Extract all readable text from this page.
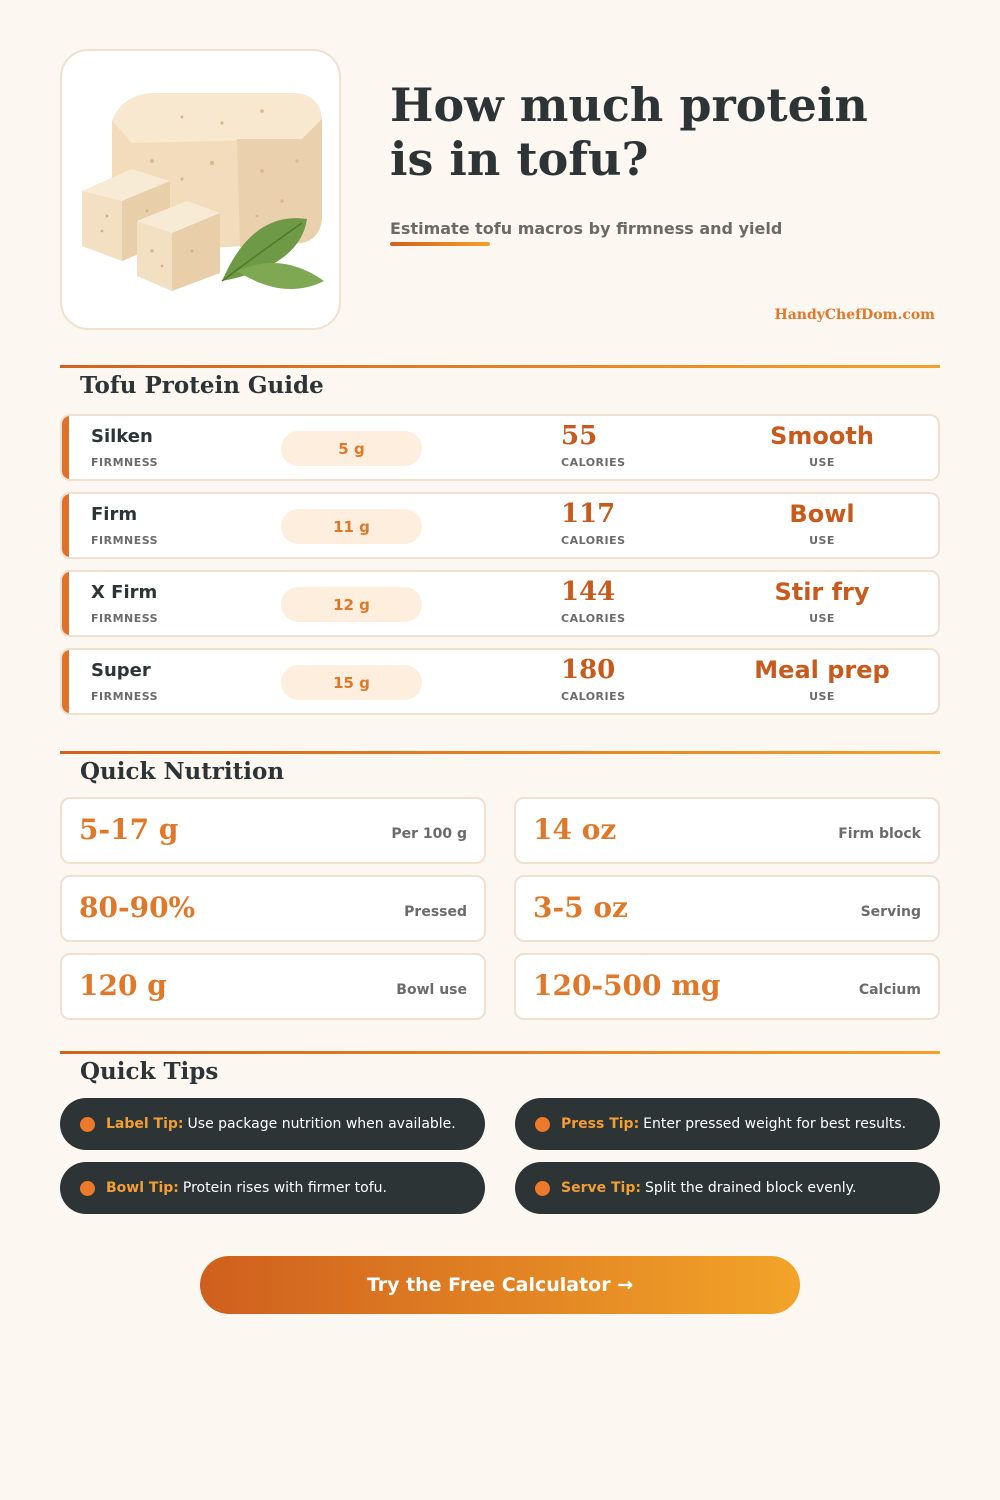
How much protein
is in tofu?
Estimate tofu macros by firmness and yield
HandyChefDom.com
Tofu Protein Guide
Silken
FIRMNESS
5 g	55
CALORIES
Smooth
USE
Firm
FIRMNESS
11 g	117
CALORIES
Bowl
USE
X Firm
FIRMNESS
12 g	144
CALORIES
Stir fry
USE
Super
FIRMNESS
15 g	180
CALORIES
Meal prep
USE
Quick Nutrition
5-17 g	Per 100 g 14 oz	Firm block
80-90%	Pressed 3-5 oz	Serving
120 g	Bowl use 120-500 mg	Calcium
Quick Tips
Label Tip: Use package nutrition when available.	Press Tip: Enter pressed weight for best results.
Bowl Tip: Protein rises with firmer tofu.	Serve Tip: Split the drained block evenly.
Try the Free Calculator →
